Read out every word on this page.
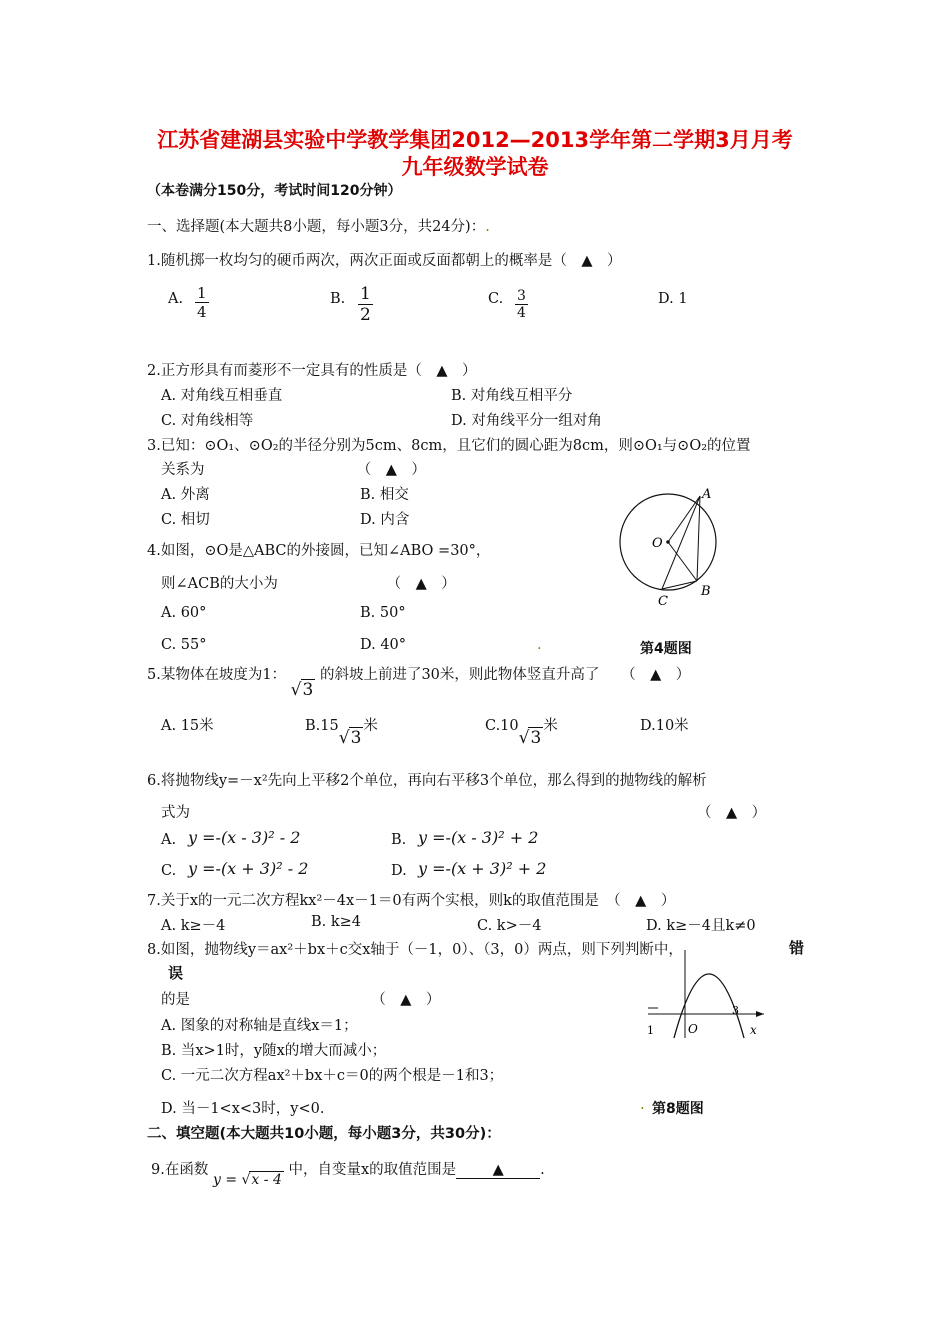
江苏省建湖县实验中学教学集团2012—2013学年第二学期3月月考
九年级数学试卷
（本卷满分150分，考试时间120分钟）
一、选择题(本大题共8小题，每小题3分，共24分)：.
1.随机掷一枚均匀的硬币两次，两次正面或反面都朝上的概率是（　▲　）
A. $\frac{1}{4}$	B. $\frac{1}{2}$	C. $\frac{3}{4}$	D. 1
2.正方形具有而菱形不一定具有的性质是（　▲　）
A. 对角线互相垂直	B. 对角线互相平分
C. 对角线相等	D. 对角线平分一组对角
3.已知：⊙O₁、⊙O₂的半径分别为5cm、8cm，且它们的圆心距为8cm，则⊙O₁与⊙O₂的位置
关系为　　　　　　　　　　　（　▲　）
A. 外离	B. 相交
C. 相切	D. 内含
A
O
B
C
4.如图，⊙O是△ABC的外接圆，已知∠ABO =30°，
则∠ACB的大小为　　　　　　　　（　▲　）
A. 60°	B. 50°
C. 55°	D. 40°	.	第4题图
5.某物体在坡度为1： √3 的斜坡上前进了30米，则此物体竖直升高了　　（　▲　）
A. 15米	B.15√3米	C.10√3米	D.10米
6.将抛物线y=－x²先向上平移2个单位，再向右平移3个单位，那么得到的抛物线的解析
式为	（　▲　）
A. y =-(x - 3)² - 2	B. y =-(x - 3)² + 2
C. y =-(x + 3)² - 2	D. y =-(x + 3)² + 2
7.关于x的一元二次方程kx²－4x－1＝0有两个实根，则k的取值范围是　（　▲　）
A. k≥－4	B. k≥4	C. k>－4	D. k≥－4且k≠0
8.如图，抛物线y＝ax²＋bx＋c交x轴于（－1，0）、（3，0）两点，则下列判断中，	错
误
的是　　　　　　　　　　　　　（　▲　）
A. 图象的对称轴是直线x＝1；
B. 当x>1时，y随x的增大而减小；
C. 一元二次方程ax²＋bx＋c＝0的两个根是－1和3；
D. 当－1<x<3时，y<0.
1	O
3
x
. 第8题图
二、填空题(本大题共10小题，每小题3分，共30分)：
9.在函数 y = √x - 4 中，自变量x的取值范围是	▲	.
